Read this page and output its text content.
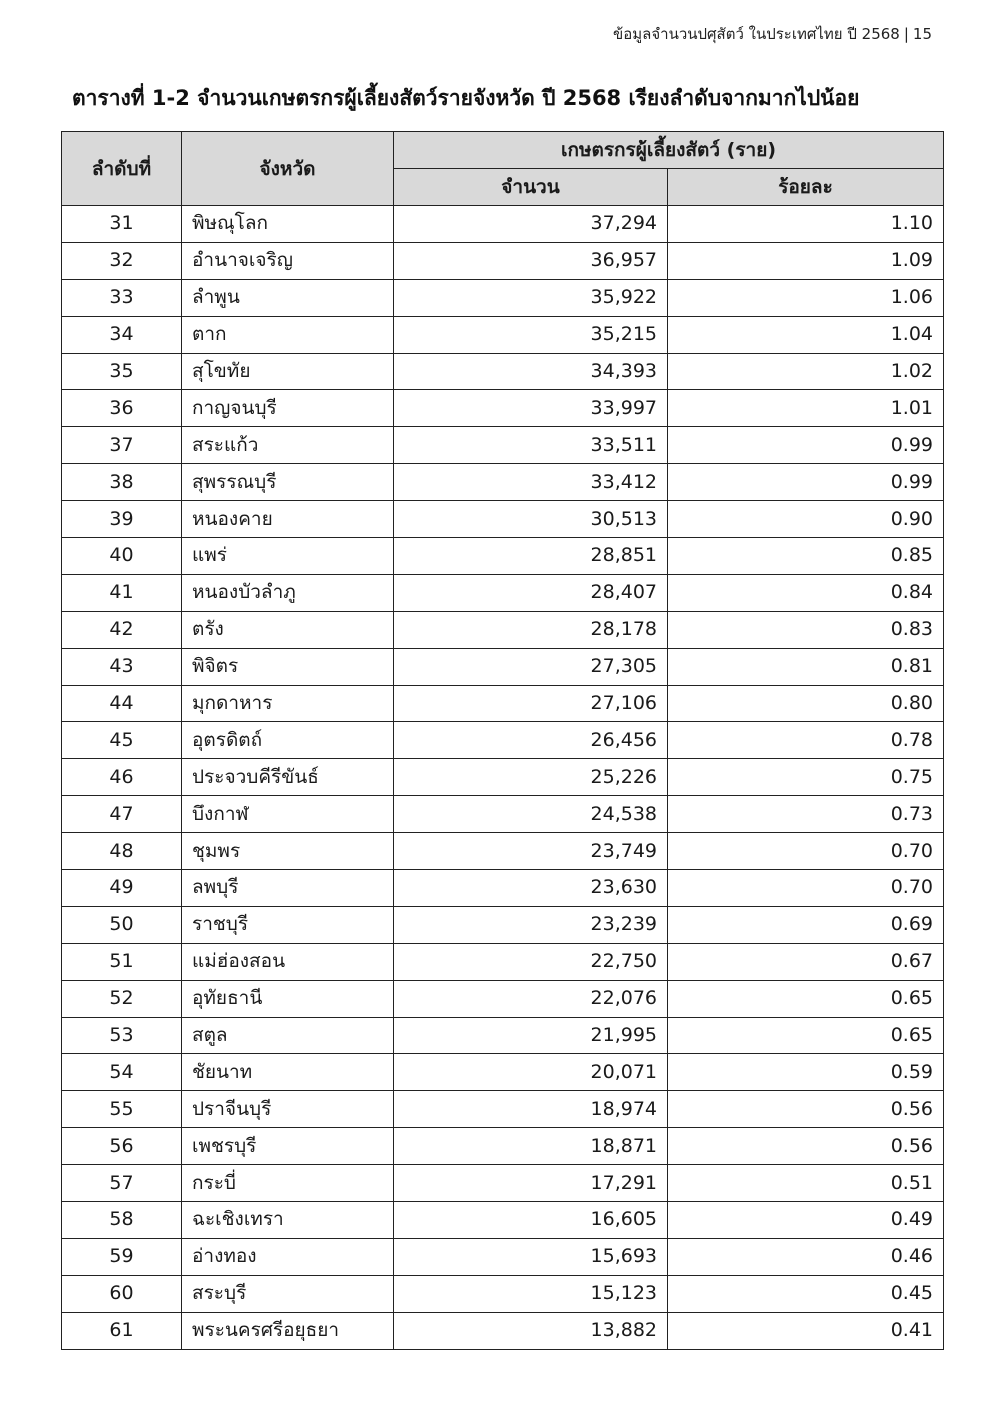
ข้อมูลจำนวนปศุสัตว์ ในประเทศไทย ปี 2568 | 15
ตารางที่ 1-2 จำนวนเกษตรกรผู้เลี้ยงสัตว์รายจังหวัด ปี 2568 เรียงลำดับจากมากไปน้อย
ลำดับที่	จังหวัด	เกษตรกรผู้เลี้ยงสัตว์ (ราย)	
		จำนวน	ร้อยละ
31	พิษณุโลก	37,294	1.10
32	อำนาจเจริญ	36,957	1.09
33	ลำพูน	35,922	1.06
34	ตาก	35,215	1.04
35	สุโขทัย	34,393	1.02
36	กาญจนบุรี	33,997	1.01
37	สระแก้ว	33,511	0.99
38	สุพรรณบุรี	33,412	0.99
39	หนองคาย	30,513	0.90
40	แพร่	28,851	0.85
41	หนองบัวลำภู	28,407	0.84
42	ตรัง	28,178	0.83
43	พิจิตร	27,305	0.81
44	มุกดาหาร	27,106	0.80
45	อุตรดิตถ์	26,456	0.78
46	ประจวบคีรีขันธ์	25,226	0.75
47	บึงกาฬ	24,538	0.73
48	ชุมพร	23,749	0.70
49	ลพบุรี	23,630	0.70
50	ราชบุรี	23,239	0.69
51	แม่ฮ่องสอน	22,750	0.67
52	อุทัยธานี	22,076	0.65
53	สตูล	21,995	0.65
54	ชัยนาท	20,071	0.59
55	ปราจีนบุรี	18,974	0.56
56	เพชรบุรี	18,871	0.56
57	กระบี่	17,291	0.51
58	ฉะเชิงเทรา	16,605	0.49
59	อ่างทอง	15,693	0.46
60	สระบุรี	15,123	0.45
61	พระนครศรีอยุธยา	13,882	0.41
